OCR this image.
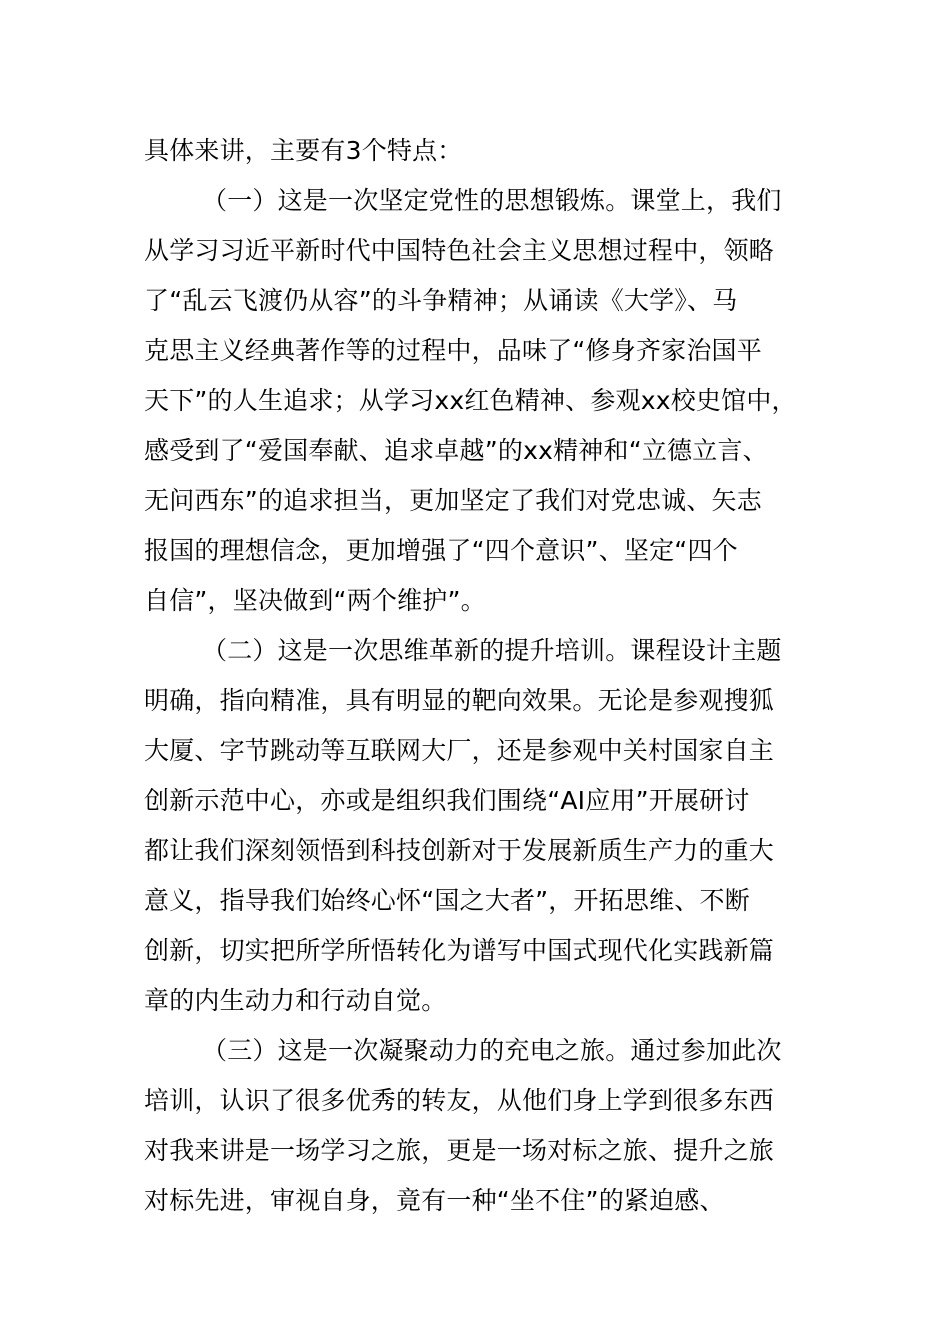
具体来讲，主要有3个特点：
（一）这是一次坚定党性的思想锻炼。课堂上，我们
从学习习近平新时代中国特色社会主义思想过程中，领略
了“乱云飞渡仍从容”的斗争精神；从诵读《大学》、马
克思主义经典著作等的过程中，品味了“修身齐家治国平
天下”的人生追求；从学习xx红色精神、参观xx校史馆中，
感受到了“爱国奉献、追求卓越”的xx精神和“立德立言、
无问西东”的追求担当，更加坚定了我们对党忠诚、矢志
报国的理想信念，更加增强了“四个意识”、坚定“四个
自信”，坚决做到“两个维护”。
（二）这是一次思维革新的提升培训。课程设计主题
明确，指向精准，具有明显的靶向效果。无论是参观搜狐
大厦、字节跳动等互联网大厂，还是参观中关村国家自主
创新示范中心，亦或是组织我们围绕“AI应用”开展研讨
都让我们深刻领悟到科技创新对于发展新质生产力的重大
意义，指导我们始终心怀“国之大者”，开拓思维、不断
创新，切实把所学所悟转化为谱写中国式现代化实践新篇
章的内生动力和行动自觉。
（三）这是一次凝聚动力的充电之旅。通过参加此次
培训，认识了很多优秀的转友，从他们身上学到很多东西
对我来讲是一场学习之旅，更是一场对标之旅、提升之旅
对标先进，审视自身，竟有一种“坐不住”的紧迫感、
